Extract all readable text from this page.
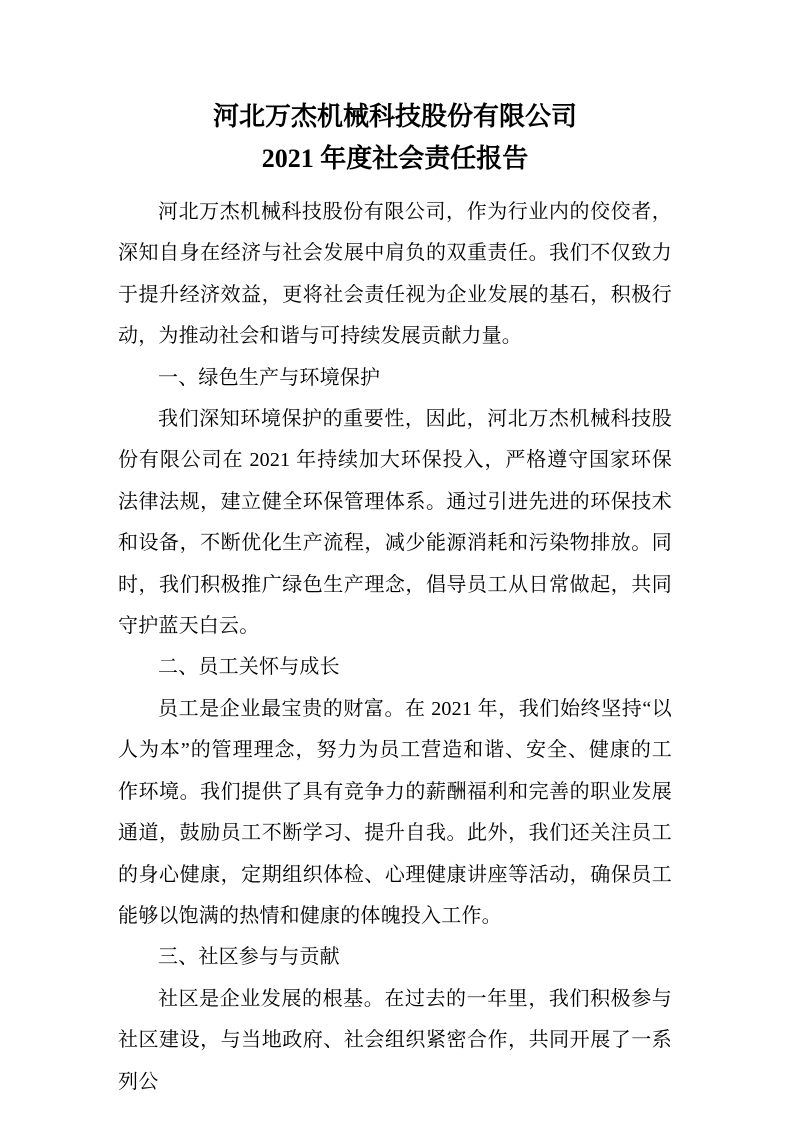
河北万杰机械科技股份有限公司
2021 年度社会责任报告

河北万杰机械科技股份有限公司，作为行业内的佼佼者，深知自身在经济与社会发展中肩负的双重责任。我们不仅致力于提升经济效益，更将社会责任视为企业发展的基石，积极行动，为推动社会和谐与可持续发展贡献力量。

一、绿色生产与环境保护

我们深知环境保护的重要性，因此，河北万杰机械科技股份有限公司在 2021 年持续加大环保投入，严格遵守国家环保法律法规，建立健全环保管理体系。通过引进先进的环保技术和设备，不断优化生产流程，减少能源消耗和污染物排放。同时，我们积极推广绿色生产理念，倡导员工从日常做起，共同守护蓝天白云。

二、员工关怀与成长

员工是企业最宝贵的财富。在 2021 年，我们始终坚持“以人为本”的管理理念，努力为员工营造和谐、安全、健康的工作环境。我们提供了具有竞争力的薪酬福利和完善的职业发展通道，鼓励员工不断学习、提升自我。此外，我们还关注员工的身心健康，定期组织体检、心理健康讲座等活动，确保员工能够以饱满的热情和健康的体魄投入工作。

三、社区参与与贡献

社区是企业发展的根基。在过去的一年里，我们积极参与社区建设，与当地政府、社会组织紧密合作，共同开展了一系列公
